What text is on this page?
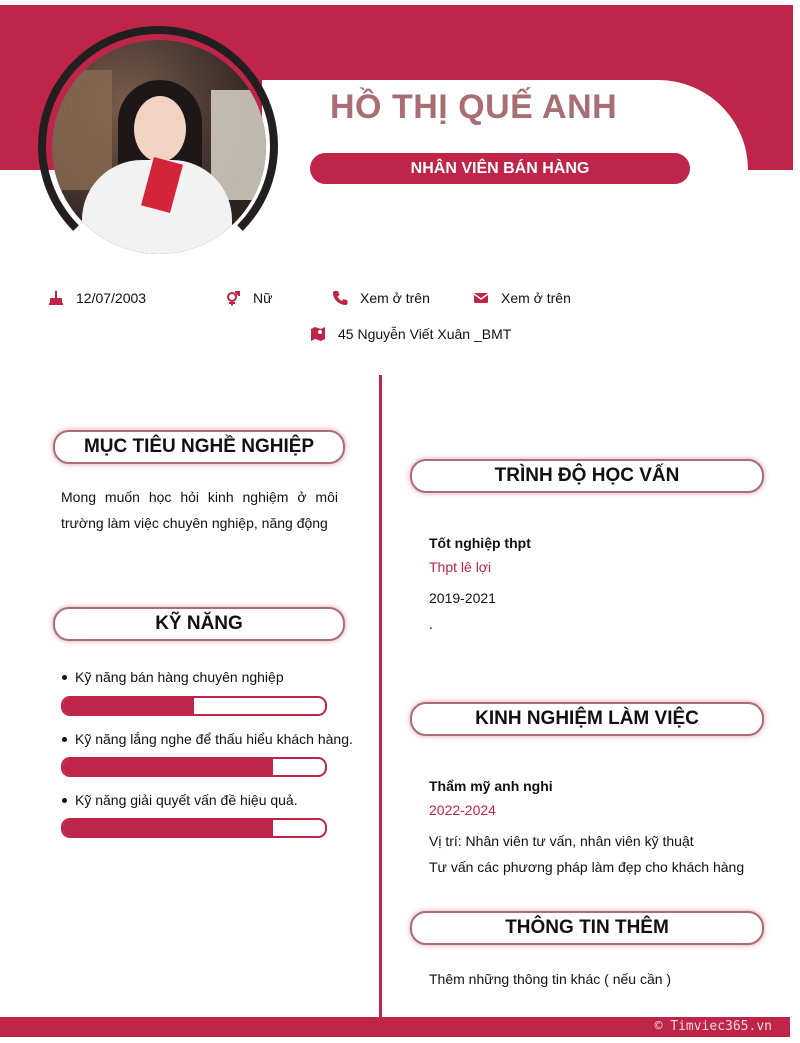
HỒ THỊ QUẾ ANH
NHÂN VIÊN BÁN HÀNG
12/07/2003	Nữ	Xem ở trên	Xem ở trên
45 Nguyễn Viết Xuân _BMT
MỤC TIÊU NGHỀ NGHIỆP
Mong muốn học hỏi kinh nghiệm ở môi trường làm việc chuyên nghiệp, năng động
KỸ NĂNG
Kỹ năng bán hàng chuyên nghiệp
Kỹ năng lắng nghe để thấu hiểu khách hàng.
Kỹ năng giải quyết vấn đề hiệu quả.
TRÌNH ĐỘ HỌC VẤN
Tốt nghiệp thpt
Thpt lê lợi
2019-2021
.
KINH NGHIỆM LÀM VIỆC
Thẩm mỹ anh nghi
2022-2024
Vị trí: Nhân viên tư vấn, nhân viên kỹ thuật
Tư vấn các phương pháp làm đẹp cho khách hàng
THÔNG TIN THÊM
Thêm những thông tin khác ( nếu cần )
© Timviec365.vn
